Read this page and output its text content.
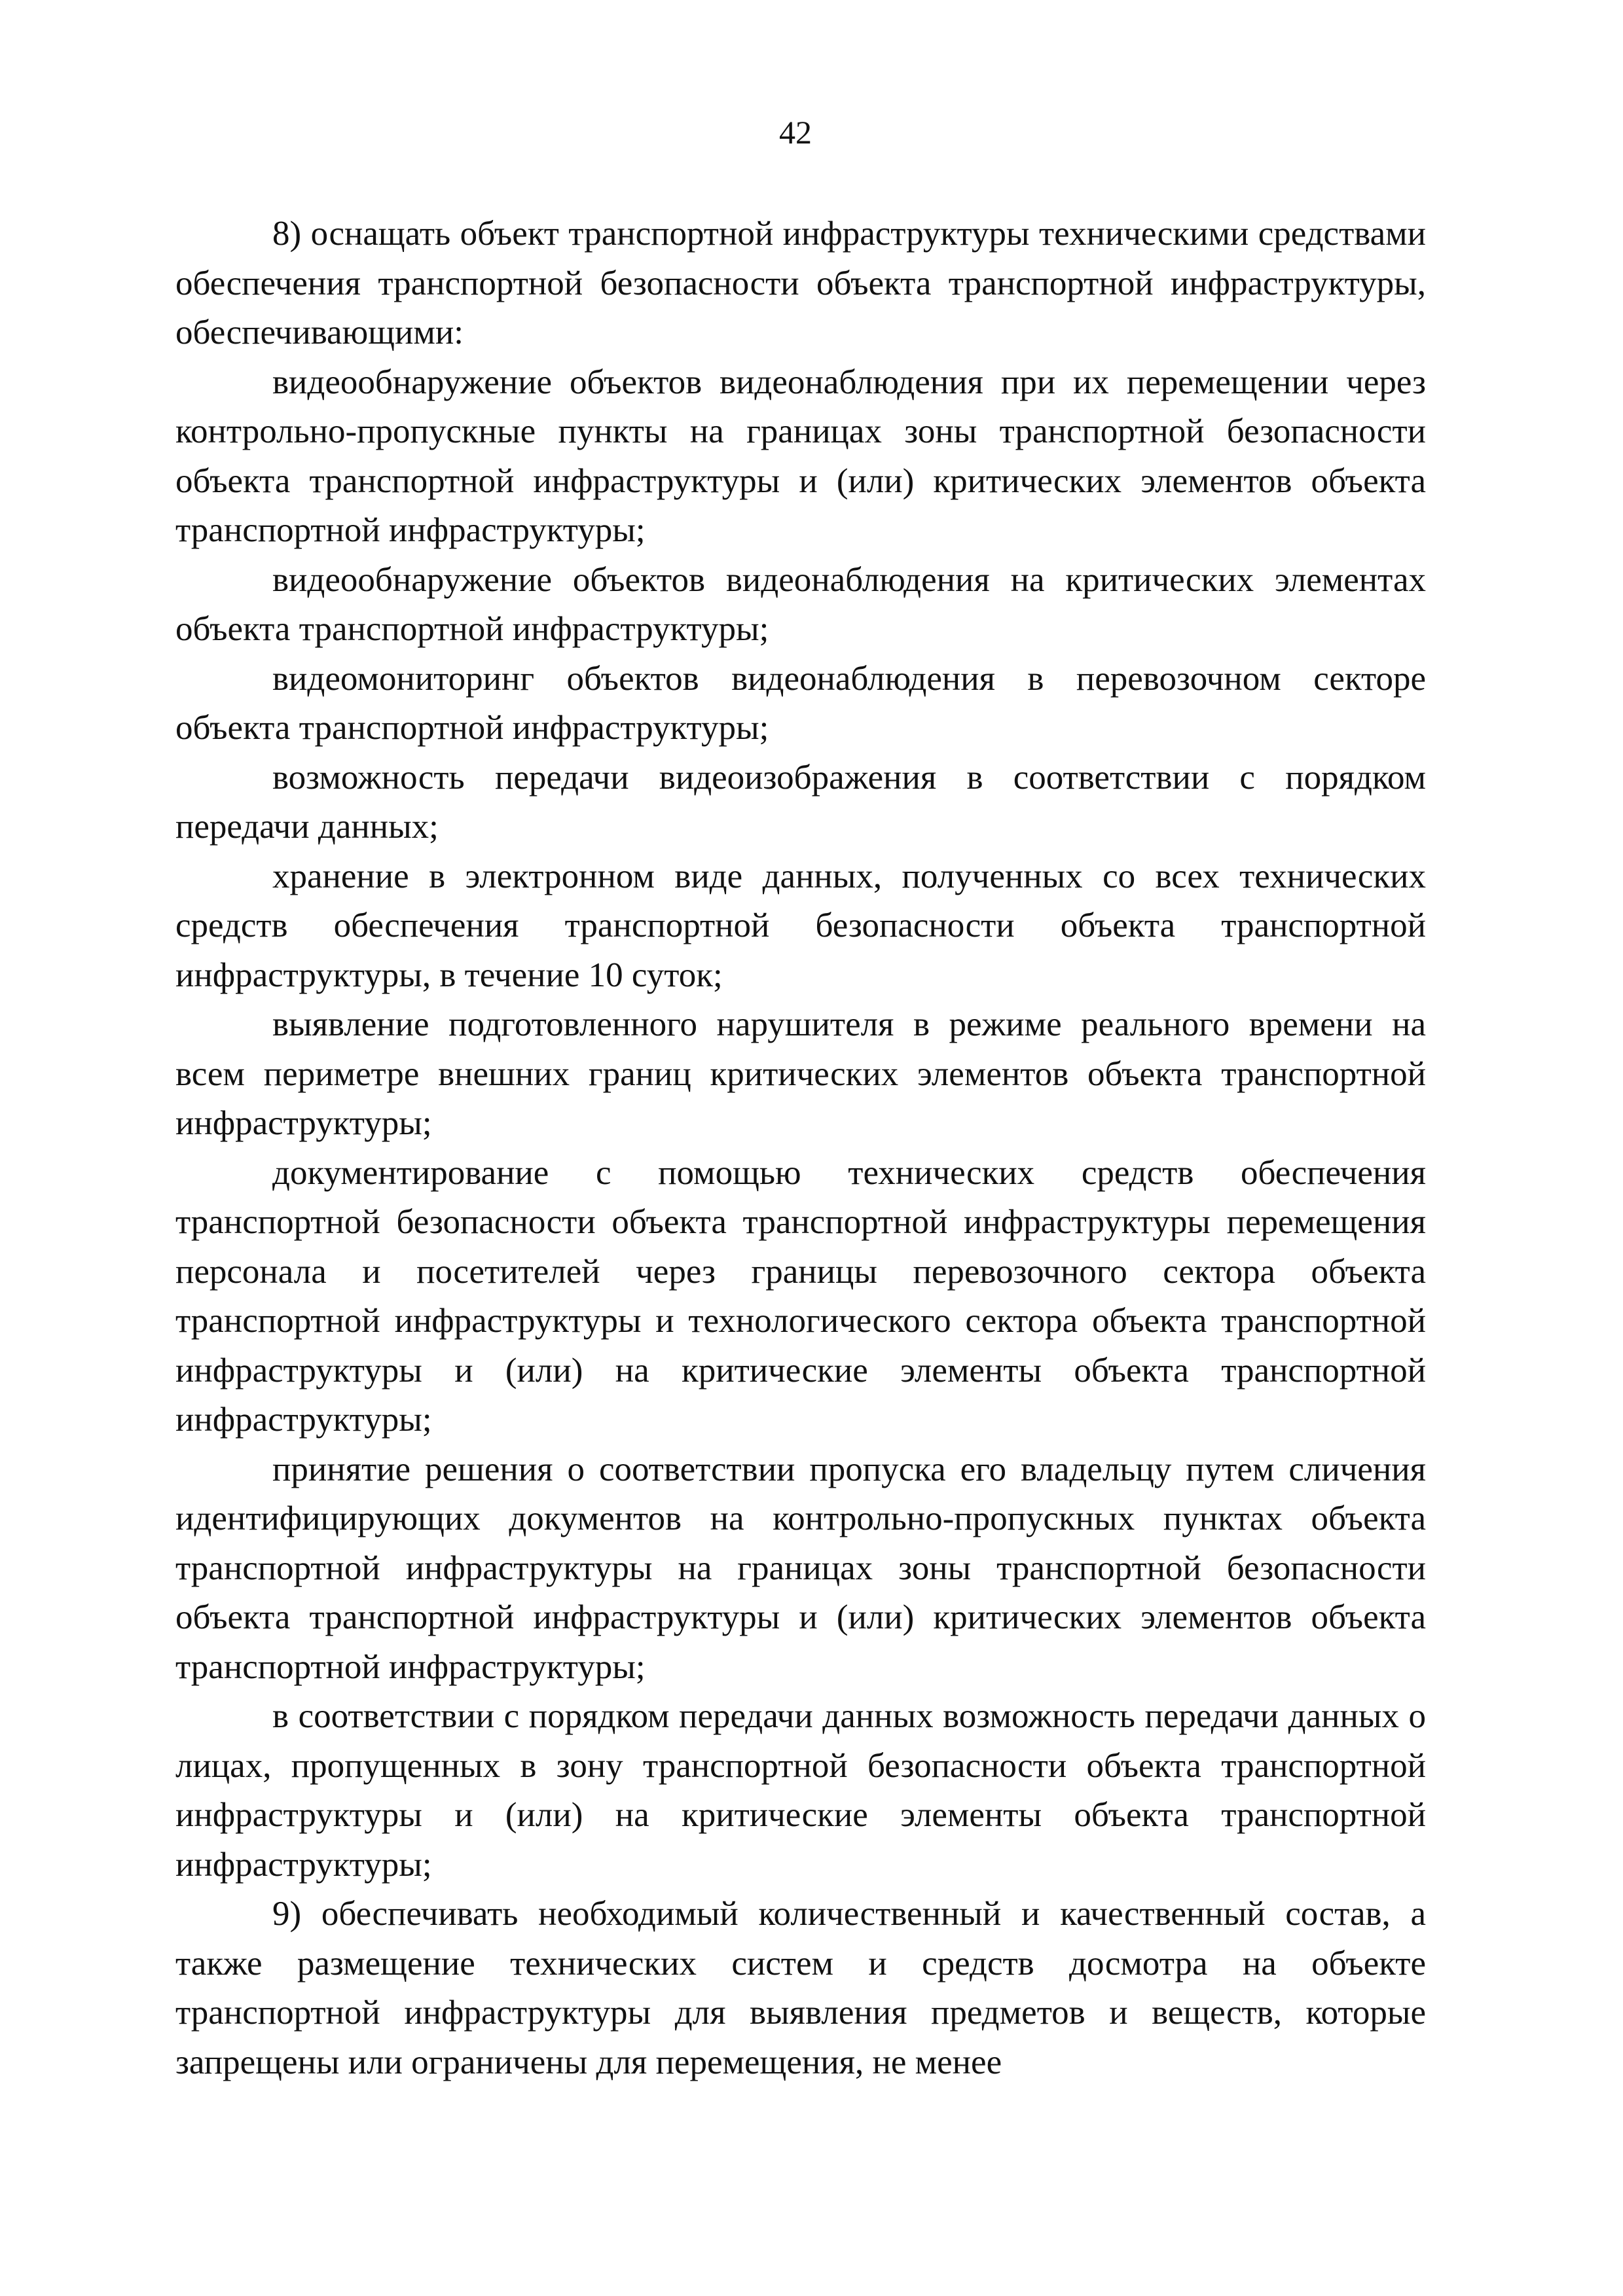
42

8) оснащать объект транспортной инфраструктуры техническими средствами обеспечения транспортной безопасности объекта транспортной инфраструктуры, обеспечивающими:

видеообнаружение объектов видеонаблюдения при их перемещении через контрольно-пропускные пункты на границах зоны транспортной безопасности объекта транспортной инфраструктуры и (или) критических элементов объекта транспортной инфраструктуры;

видеообнаружение объектов видеонаблюдения на критических элементах объекта транспортной инфраструктуры;

видеомониторинг объектов видеонаблюдения в перевозочном секторе объекта транспортной инфраструктуры;

возможность передачи видеоизображения в соответствии с порядком передачи данных;

хранение в электронном виде данных, полученных со всех технических средств обеспечения транспортной безопасности объекта транспортной инфраструктуры, в течение 10 суток;

выявление подготовленного нарушителя в режиме реального времени на всем периметре внешних границ критических элементов объекта транспортной инфраструктуры;

документирование с помощью технических средств обеспечения транспортной безопасности объекта транспортной инфраструктуры перемещения персонала и посетителей через границы перевозочного сектора объекта транспортной инфраструктуры и технологического сектора объекта транспортной инфраструктуры и (или) на критические элементы объекта транспортной инфраструктуры;

принятие решения о соответствии пропуска его владельцу путем сличения идентифицирующих документов на контрольно-пропускных пунктах объекта транспортной инфраструктуры на границах зоны транспортной безопасности объекта транспортной инфраструктуры и (или) критических элементов объекта транспортной инфраструктуры;

в соответствии с порядком передачи данных возможность передачи данных о лицах, пропущенных в зону транспортной безопасности объекта транспортной инфраструктуры и (или) на критические элементы объекта транспортной инфраструктуры;

9) обеспечивать необходимый количественный и качественный состав, а также размещение технических систем и средств досмотра на объекте транспортной инфраструктуры для выявления предметов и веществ, которые запрещены или ограничены для перемещения, не менее
